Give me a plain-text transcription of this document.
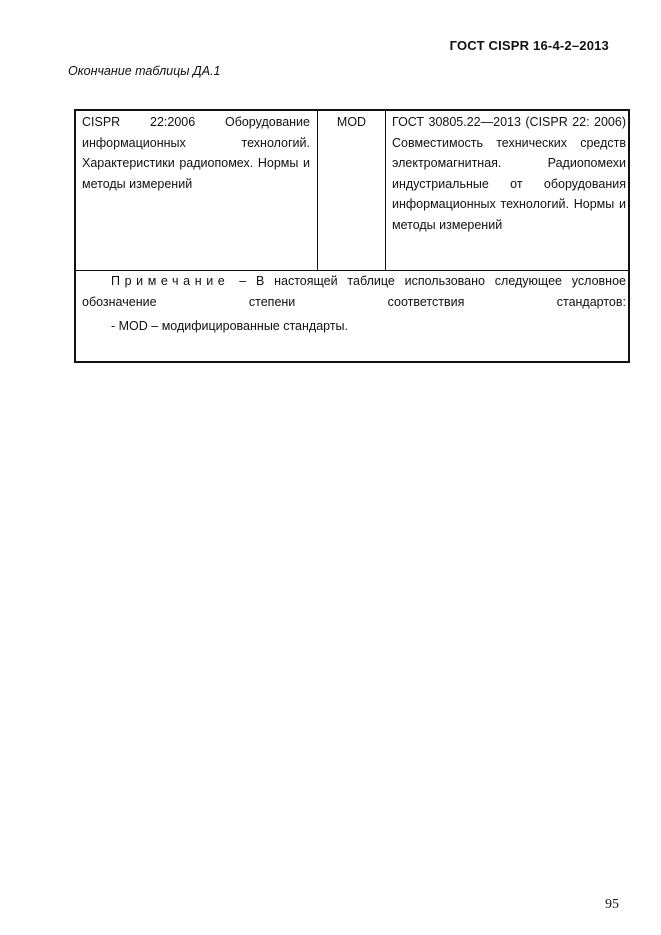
ГОСТ CISPR 16-4-2–2013
Окончание таблицы ДА.1
CISPR 22:2006 Оборудование информационных технологий. Характеристики радиопомех. Нормы и методы измерений
MOD	ГОСТ 30805.22—2013 (CISPR 22: 2006) Совместимость технических средств электромагнитная. Радиопомехи индустриальные от оборудования информационных технологий. Нормы и методы измерений
Примечание – В настоящей таблице использовано следующее условное обозначение степени соответствия стандартов:
- MOD – модифицированные стандарты.
95
